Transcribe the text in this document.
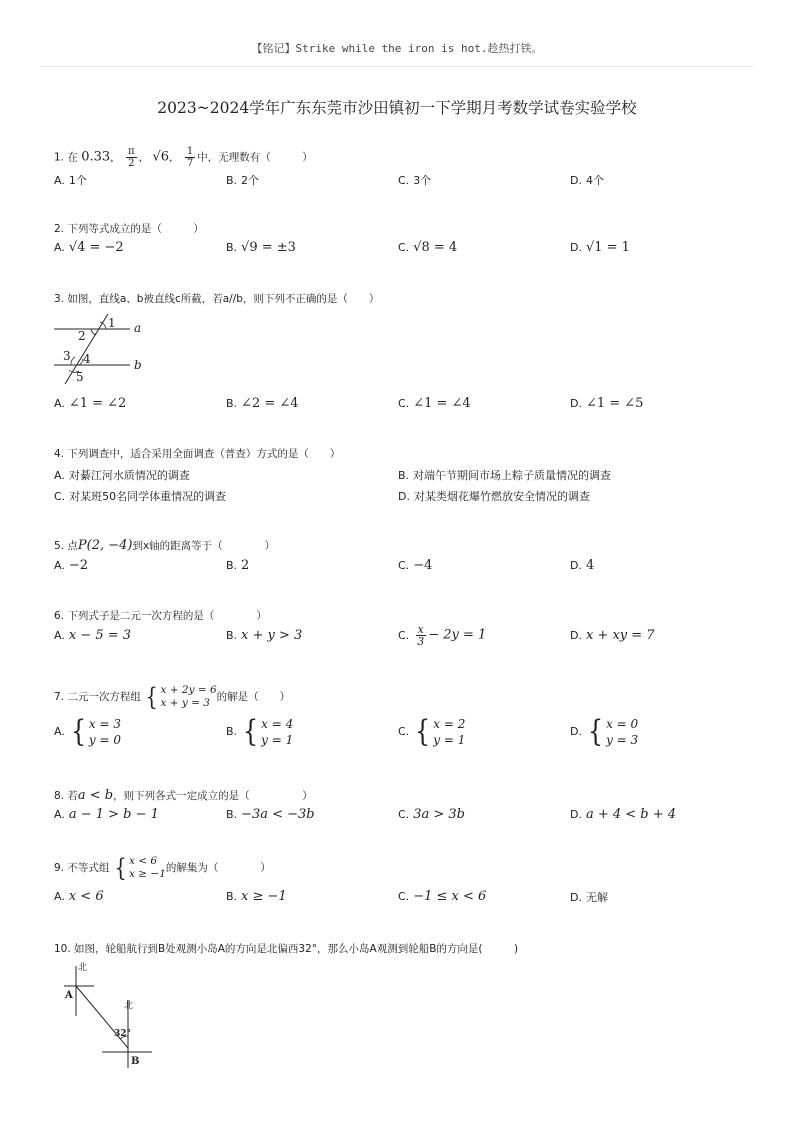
【铭记】Strike while the iron is hot.趁热打铁。
2023~2024学年广东东莞市沙田镇初一下学期月考数学试卷实验学校
1. 在 0.33， $\frac{\pi}{2}$ ， √6， $\frac{1}{7}$ 中，无理数有（　　　）
A. 1个	B. 2个	C. 3个	D. 4个
2. 下列等式成立的是（　　　）
A. √4 = −2	B. √9 = ±3	C. √8 = 4	D. √1 = 1
3. 如图，直线a、b被直线c所截，若a//b，则下列不正确的是（　　）
1
2
3 4
5
a
b
A. ∠1 = ∠2	B. ∠2 = ∠4	C. ∠1 = ∠4	D. ∠1 = ∠5
4. 下列调查中，适合采用全面调查（普查）方式的是（　　）
A. 对綦江河水质情况的调查	B. 对端午节期间市场上粽子质量情况的调查
C. 对某班50名同学体重情况的调查	D. 对某类烟花爆竹燃放安全情况的调查
5. 点P(2, −4)到x轴的距离等于（　　　　）
A. −2	B. 2	C. −4	D. 4
6. 下列式子是二元一次方程的是（　　　　）
A. x − 5 = 3	B. x + y > 3	C. $\frac{x}{3} - 2y = 1$	D. x + xy = 7
7. 二元一次方程组 { x + 2y = 6
x + y = 3 的解是（　　）
A. { x = 3
y = 0
B. { x = 4
y = 1
C. { x = 2
y = 1
D. { x = 0
y = 3
8. 若a < b，则下列各式一定成立的是（　　　　　）
A. a − 1 > b − 1	B. −3a < −3b	C. 3a > 3b	D. a + 4 < b + 4
9. 不等式组 { x < 6
x ≥ −1 的解集为（　　　　）
A. x < 6	B. x ≥ −1	C. −1 ≤ x < 6	D. 无解
10. 如图，轮船航行到B处观测小岛A的方向是北偏西32°，那么小岛A观测到轮船B的方向是(　　　)
北
北
A
B
32°
